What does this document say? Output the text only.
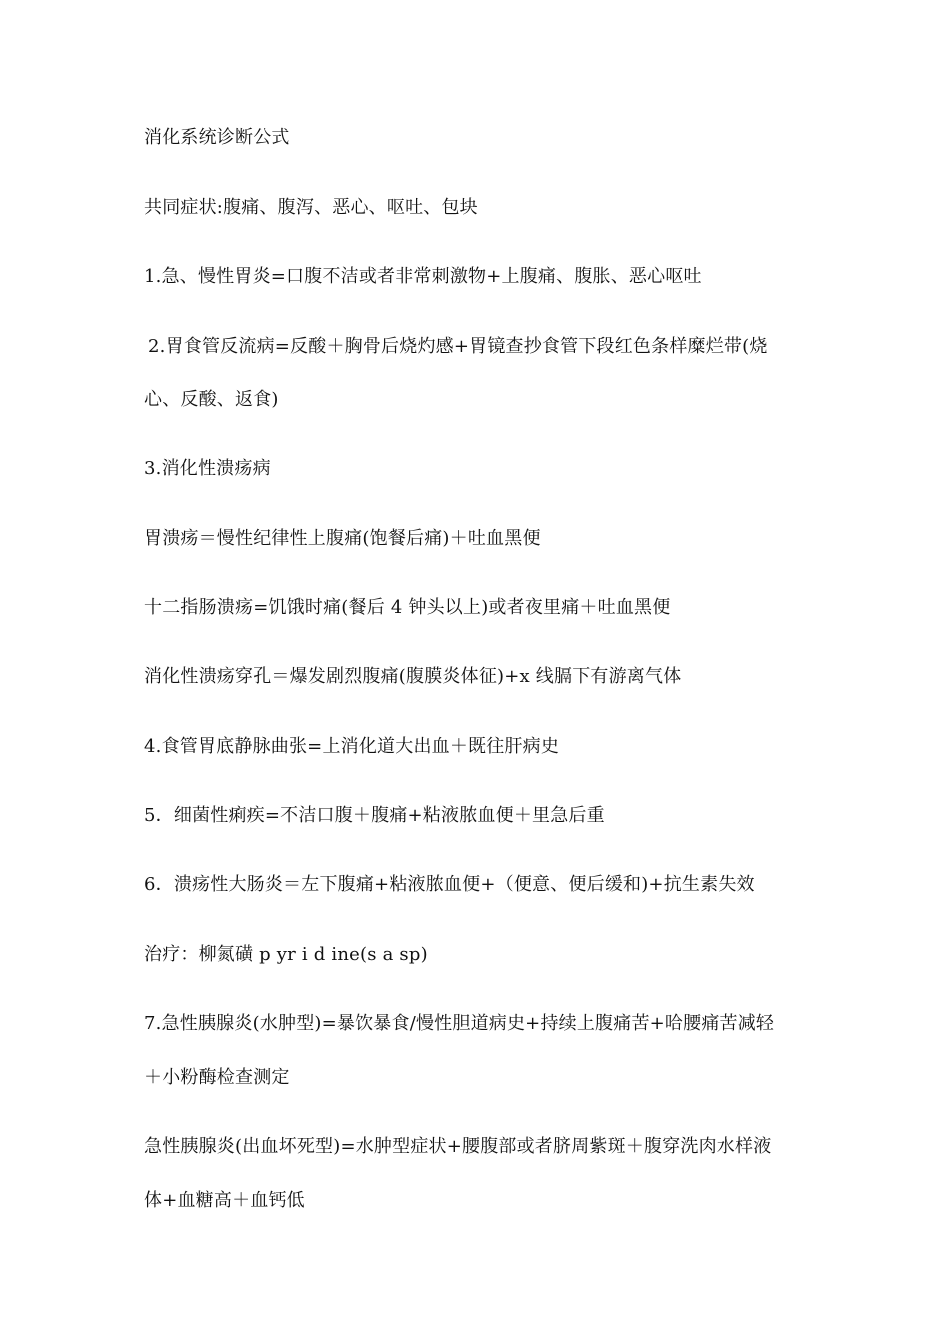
消化系统诊断公式
共同症状:腹痛、腹泻、恶心、呕吐、包块
1.急、慢性胃炎=口腹不洁或者非常刺激物+上腹痛、腹胀、恶心呕吐
2.胃食管反流病=反酸＋胸骨后烧灼感+胃镜查抄食管下段红色条样糜烂带(烧
心、反酸、返食)
3.消化性溃疡病
胃溃疡＝慢性纪律性上腹痛(饱餐后痛)＋吐血黑便
十二指肠溃疡=饥饿时痛(餐后 4 钟头以上)或者夜里痛＋吐血黑便
消化性溃疡穿孔＝爆发剧烈腹痛(腹膜炎体征)+x 线膈下有游离气体
4.食管胃底静脉曲张=上消化道大出血＋既往肝病史
5．细菌性痢疾=不洁口腹＋腹痛+粘液脓血便＋里急后重
6．溃疡性大肠炎＝左下腹痛+粘液脓血便+（便意、便后缓和)+抗生素失效
治疗：柳氮磺 p yr i d ine(s a sp)
7.急性胰腺炎(水肿型)=暴饮暴食/慢性胆道病史+持续上腹痛苦+哈腰痛苦减轻
＋小粉酶检查测定
急性胰腺炎(出血坏死型)=水肿型症状+腰腹部或者脐周紫斑＋腹穿洗肉水样液
体+血糖高＋血钙低
